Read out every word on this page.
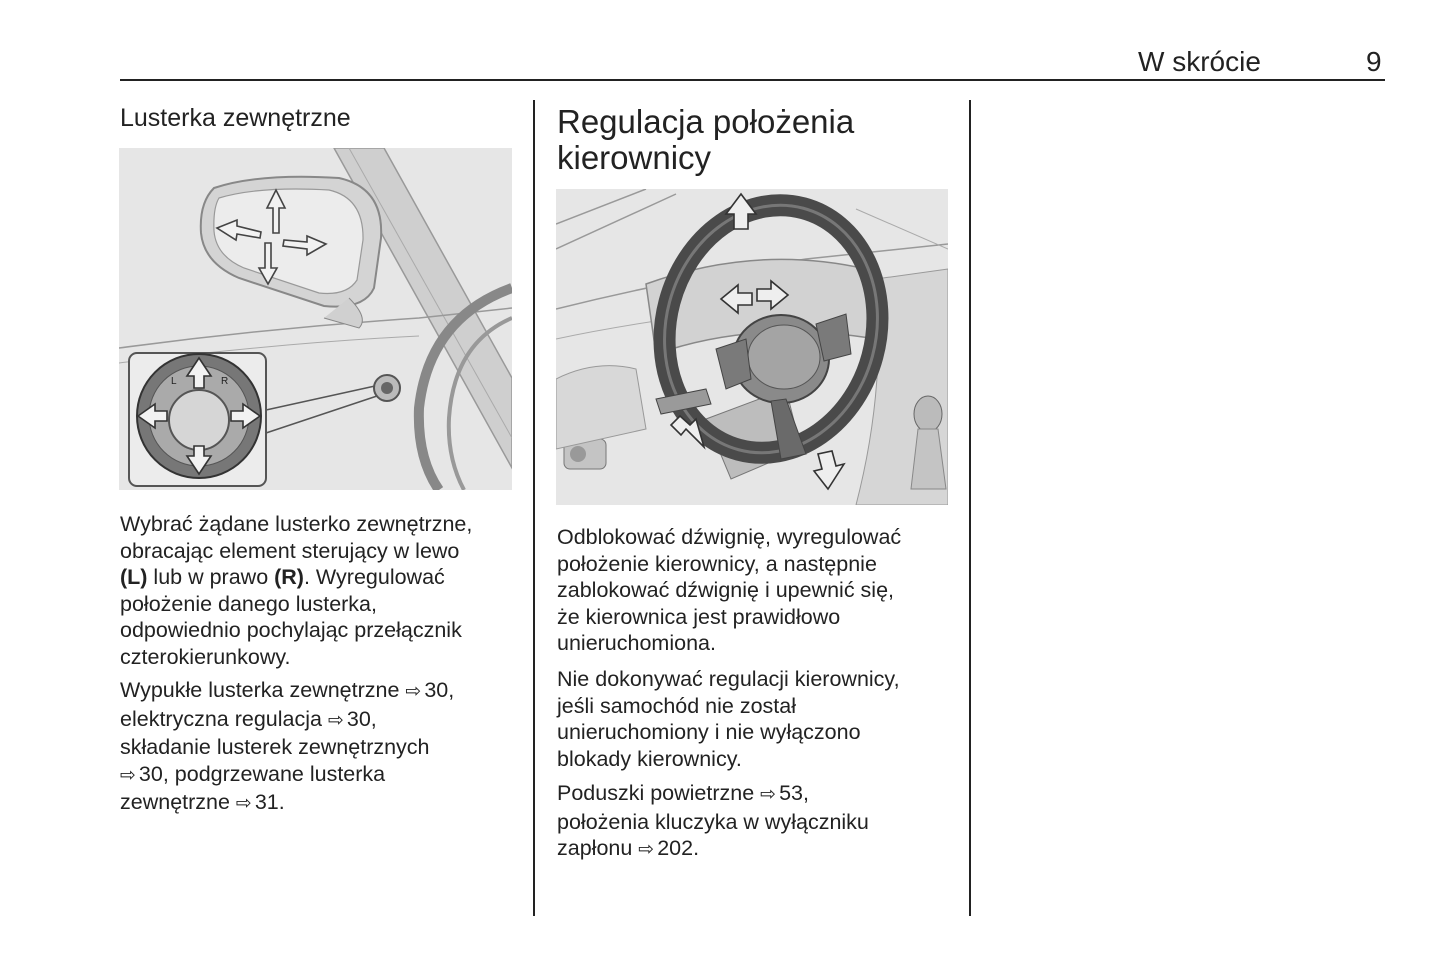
W skrócie	9
Lusterka zewnętrzne
L	R
Wybrać żądane lusterko zewnętrzne,
obracając element sterujący w lewo
(L) lub w prawo (R). Wyregulować
położenie danego lusterka,
odpowiednio pochylając przełącznik
czterokierunkowy.
Wypukłe lusterka zewnętrzne ⇨ 30,
elektryczna regulacja ⇨ 30,
składanie lusterek zewnętrznych
⇨ 30, podgrzewane lusterka
zewnętrzne ⇨ 31.
Regulacja położenia
kierownicy
Odblokować dźwignię, wyregulować
położenie kierownicy, a następnie
zablokować dźwignię i upewnić się,
że kierownica jest prawidłowo
unieruchomiona.
Nie dokonywać regulacji kierownicy,
jeśli samochód nie został
unieruchomiony i nie wyłączono
blokady kierownicy.
Poduszki powietrzne ⇨ 53,
położenia kluczyka w wyłączniku
zapłonu ⇨ 202.
